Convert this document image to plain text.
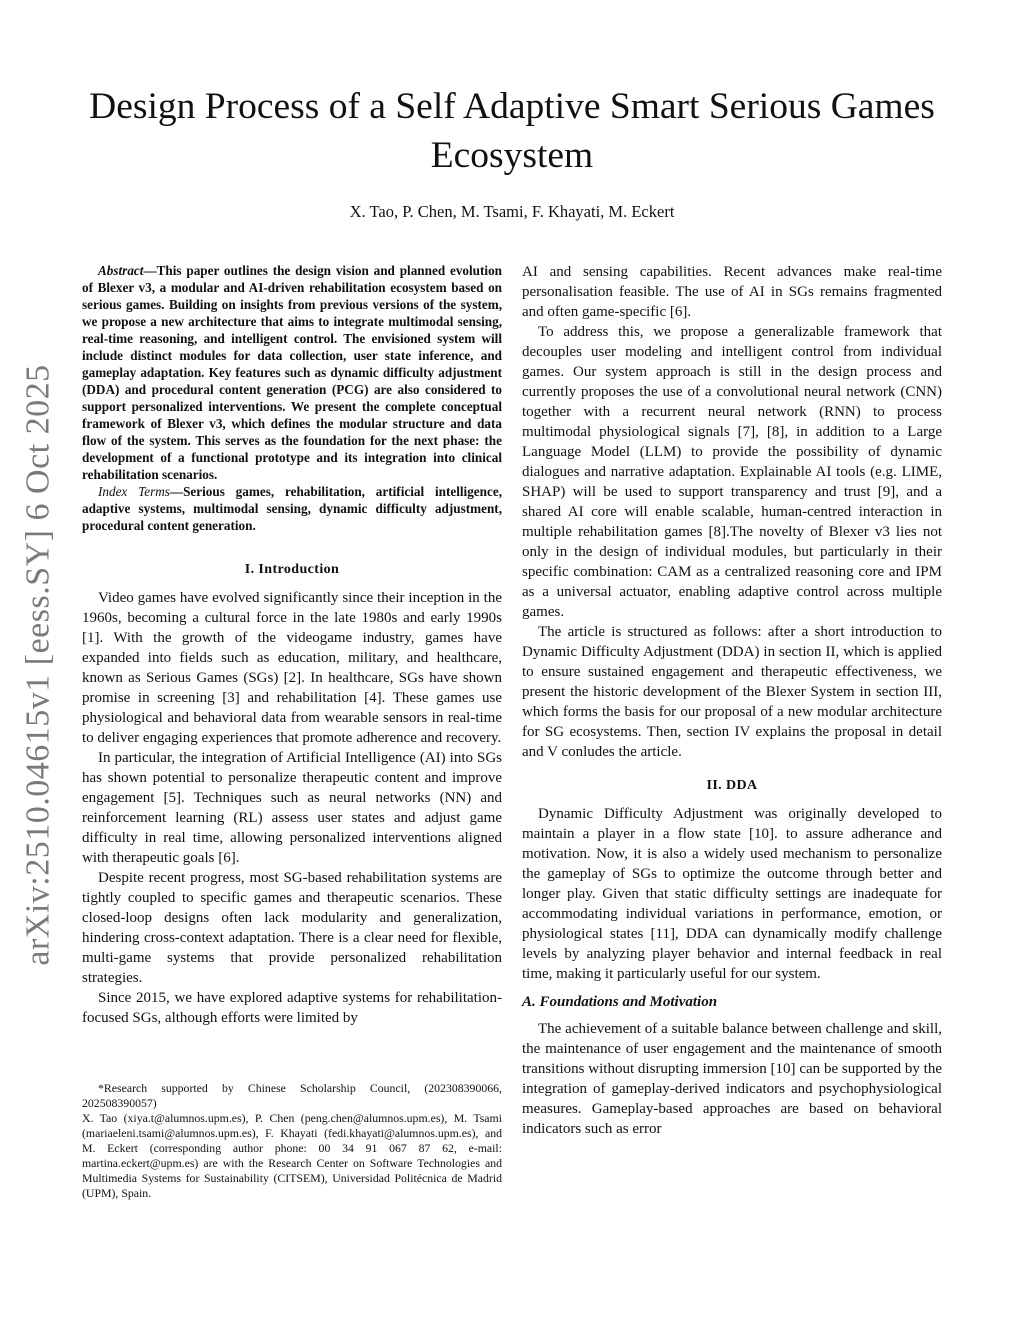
arXiv:2510.04615v1 [eess.SY] 6 Oct 2025
Design Process of a Self Adaptive Smart Serious Games Ecosystem

X. Tao, P. Chen, M. Tsami, F. Khayati, M. Eckert

Abstract—This paper outlines the design vision and planned evolution of Blexer v3, a modular and AI-driven rehabilitation ecosystem based on serious games. Building on insights from previous versions of the system, we propose a new architecture that aims to integrate multimodal sensing, real-time reasoning, and intelligent control. The envisioned system will include distinct modules for data collection, user state inference, and gameplay adaptation. Key features such as dynamic difficulty adjustment (DDA) and procedural content generation (PCG) are also considered to support personalized interventions. We present the complete conceptual framework of Blexer v3, which defines the modular structure and data flow of the system. This serves as the foundation for the next phase: the development of a functional prototype and its integration into clinical rehabilitation scenarios.

Index Terms—Serious games, rehabilitation, artificial intelligence, adaptive systems, multimodal sensing, dynamic difficulty adjustment, procedural content generation.

I. Introduction

Video games have evolved significantly since their inception in the 1960s, becoming a cultural force in the late 1980s and early 1990s [1]. With the growth of the videogame industry, games have expanded into fields such as education, military, and healthcare, known as Serious Games (SGs) [2]. In healthcare, SGs have shown promise in screening [3] and rehabilitation [4]. These games use physiological and behavioral data from wearable sensors in real-time to deliver engaging experiences that promote adherence and recovery.

In particular, the integration of Artificial Intelligence (AI) into SGs has shown potential to personalize therapeutic content and improve engagement [5]. Techniques such as neural networks (NN) and reinforcement learning (RL) assess user states and adjust game difficulty in real time, allowing personalized interventions aligned with therapeutic goals [6].

Despite recent progress, most SG-based rehabilitation systems are tightly coupled to specific games and therapeutic scenarios. These closed-loop designs often lack modularity and generalization, hindering cross-context adaptation. There is a clear need for flexible, multi-game systems that provide personalized rehabilitation strategies.

Since 2015, we have explored adaptive systems for rehabilitation-focused SGs, although efforts were limited by

AI and sensing capabilities. Recent advances make real-time personalisation feasible. The use of AI in SGs remains fragmented and often game-specific [6].

To address this, we propose a generalizable framework that decouples user modeling and intelligent control from individual games. Our system approach is still in the design process and currently proposes the use of a convolutional neural network (CNN) together with a recurrent neural network (RNN) to process multimodal physiological signals [7], [8], in addition to a Large Language Model (LLM) to provide the possibility of dynamic dialogues and narrative adaptation. Explainable AI tools (e.g. LIME, SHAP) will be used to support transparency and trust [9], and a shared AI core will enable scalable, human-centred interaction in multiple rehabilitation games [8].The novelty of Blexer v3 lies not only in the design of individual modules, but particularly in their specific combination: CAM as a centralized reasoning core and IPM as a universal actuator, enabling adaptive control across multiple games.

The article is structured as follows: after a short introduction to Dynamic Difficulty Adjustment (DDA) in section II, which is applied to ensure sustained engagement and therapeutic effectiveness, we present the historic development of the Blexer System in section III, which forms the basis for our proposal of a new modular architecture for SG ecosystems. Then, section IV explains the proposal in detail and V conludes the article.

II. DDA

Dynamic Difficulty Adjustment was originally developed to maintain a player in a flow state [10]. to assure adherance and motivation. Now, it is also a widely used mechanism to personalize the gameplay of SGs to optimize the outcome through better and longer play. Given that static difficulty settings are inadequate for accommodating individual variations in performance, emotion, or physiological states [11], DDA can dynamically modify challenge levels by analyzing player behavior and internal feedback in real time, making it particularly useful for our system.

A. Foundations and Motivation

The achievement of a suitable balance between challenge and skill, the maintenance of user engagement and the maintenance of smooth transitions without disrupting immersion [10] can be supported by the integration of gameplay-derived indicators and psychophysiological measures. Gameplay-based approaches are based on behavioral indicators such as error

*Research supported by Chinese Scholarship Council, (202308390066, 202508390057)

X. Tao (xiya.t@alumnos.upm.es), P. Chen (peng.chen@alumnos.upm.es), M. Tsami (mariaeleni.tsami@alumnos.upm.es), F. Khayati (fedi.khayati@alumnos.upm.es), and M. Eckert (corresponding author phone: 00 34 91 067 87 62, e-mail: martina.eckert@upm.es) are with the Research Center on Software Technologies and Multimedia Systems for Sustainability (CITSEM), Universidad Politécnica de Madrid (UPM), Spain.
